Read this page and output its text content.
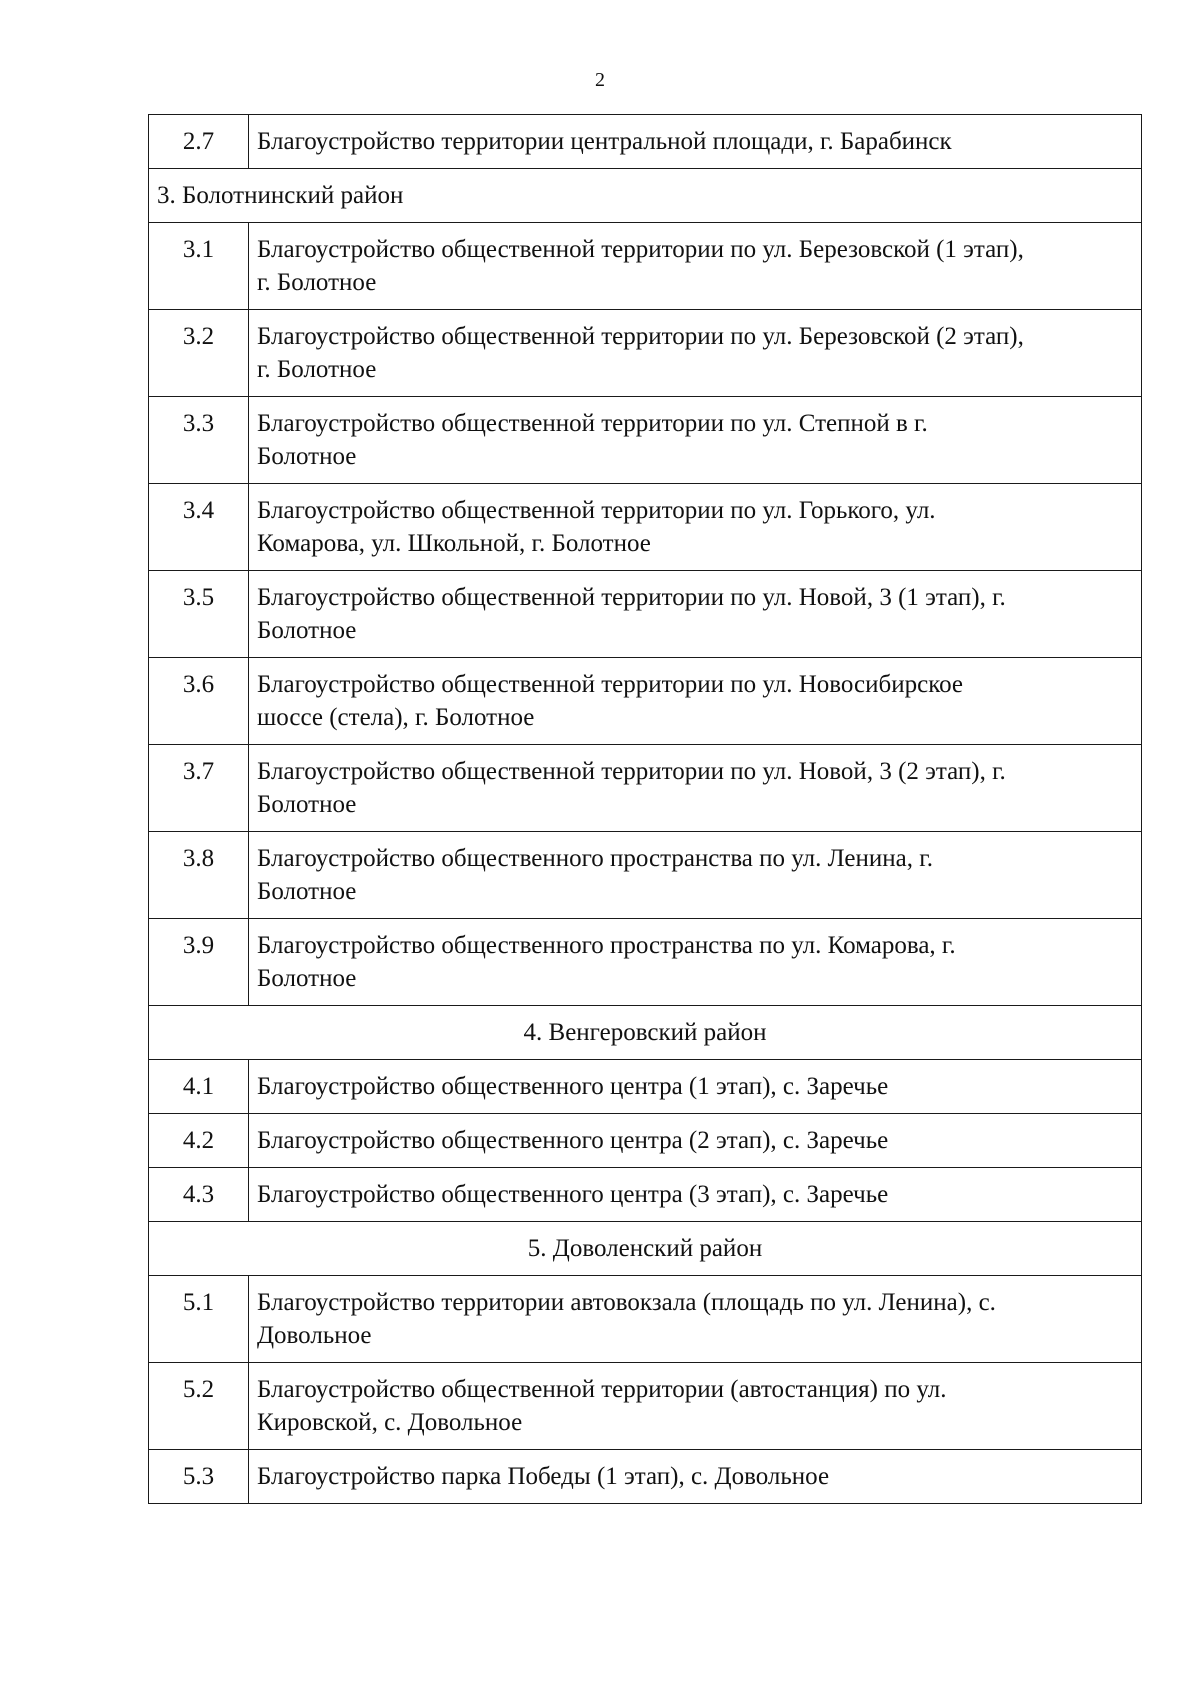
2
2.7	Благоустройство территории центральной площади, г. Барабинск

3. Болотнинский район	
3.1	Благоустройство общественной территории по ул. Березовской (1 этап),
г. Болотное

3.2	Благоустройство общественной территории по ул. Березовской (2 этап),
г. Болотное

3.3	Благоустройство общественной территории по ул. Степной в г.
Болотное

3.4	Благоустройство общественной территории по ул. Горького, ул.
Комарова, ул. Школьной, г. Болотное

3.5	Благоустройство общественной территории по ул. Новой, 3 (1 этап), г.
Болотное

3.6	Благоустройство общественной территории по ул. Новосибирское
шоссе (стела), г. Болотное

3.7	Благоустройство общественной территории по ул. Новой, 3 (2 этап), г.
Болотное

3.8	Благоустройство общественного пространства по ул. Ленина, г.
Болотное

3.9	Благоустройство общественного пространства по ул. Комарова, г.
Болотное

4. Венгеровский район	
4.1	Благоустройство общественного центра (1 этап), с. Заречье

4.2	Благоустройство общественного центра (2 этап), с. Заречье

4.3	Благоустройство общественного центра (3 этап), с. Заречье

5. Доволенский район	
5.1	Благоустройство территории автовокзала (площадь по ул. Ленина), с.
Довольное

5.2	Благоустройство общественной территории (автостанция) по ул.
Кировской, с. Довольное

5.3	Благоустройство парка Победы (1 этап), с. Довольное
